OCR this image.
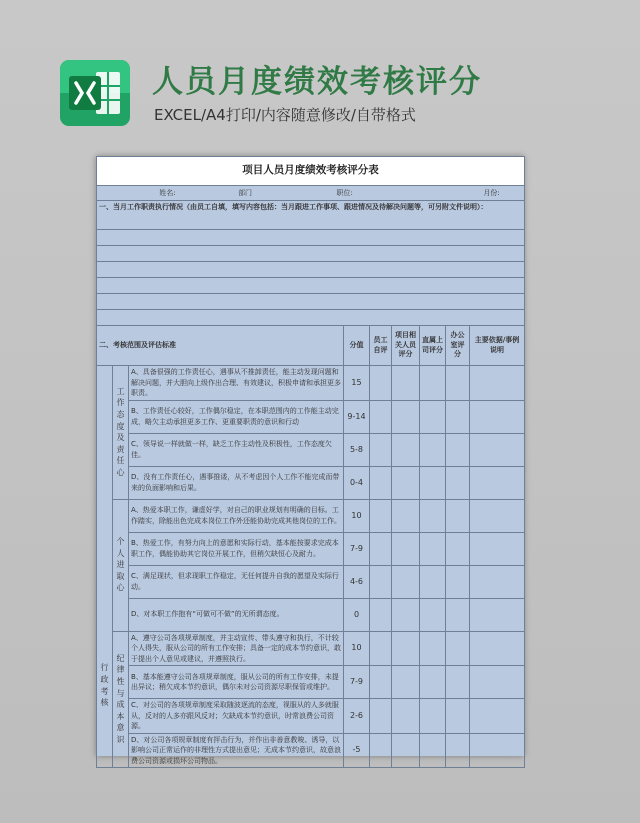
人员月度绩效考核评分
EXCEL/A4打印/内容随意修改/自带格式
项目人员月度绩效考核评分表								
姓名: 部门 职位: 月份:								
一、当月工作职责执行情况（由员工自填，填写内容包括：当月跟进工作事项、跟进情况及待解决问题等，可另附文件说明）：								

二、考核范围及评估标准			分值	员工自评	项目相关人员评分	直属上司评分	办公室评分	主要依据/事例说明

行政考核	工作态度及责任心	A、具备很强的工作责任心，遇事从不推卸责任，能主动发现问题和解决问题，并大胆向上级作出合理、有效建议，积极申请和承担更多职责。	15					
		B、工作责任心较好，工作偶尔稳定，在本职范围内的工作能主动完成，略欠主动承担更多工作、更重要职责的意识和行动	9-14					
		C、领导说一样就做一样，缺乏工作主动性及积极性，工作态度欠佳。	5-8					
		D、没有工作责任心，遇事推诿，从不考虑因个人工作不能完成而带来的负面影响和后果。	0-4					

	个人进取心	A、热爱本职工作，谦虚好学，对自己的职业规划有明确的目标。工作踏实，除能出色完成本岗位工作外还能协助完成其他岗位的工作。	10					
		B、热爱工作，有努力向上的意愿和实际行动，基本能按要求完成本职工作，偶能协助其它岗位开展工作，但稍欠缺恒心及耐力。	7-9					
		C、满足现状，但求现职工作稳定，无任何提升自我的愿望及实际行动。	4-6					
		D、对本职工作抱有“可做可不做”的无所谓态度。	0					

	纪律性与成本意识	A、遵守公司各项规章制度，并主动宣传、带头遵守和执行，不计较个人得失，服从公司的所有工作安排；具备一定的成本节约意识，敢于提出个人意见或建议，并遵照执行。	10					
		B、基本能遵守公司各项规章制度，服从公司的所有工作安排，未提出异议；稍欠成本节约意识，偶尔未对公司资源尽职保管或维护。	7-9					
		C、对公司的各项规章制度采取随波逐流的态度，视服从的人多就服从，反对的人多亦跟风反对；欠缺成本节约意识，时常浪费公司资源。	2-6					
		D、对公司各项规章制度有抨击行为，并作出非善意教唆、诱导，以影响公司正常运作的非理性方式提出意见；无成本节约意识，故意浪费公司资源或损坏公司物品。	-5					
